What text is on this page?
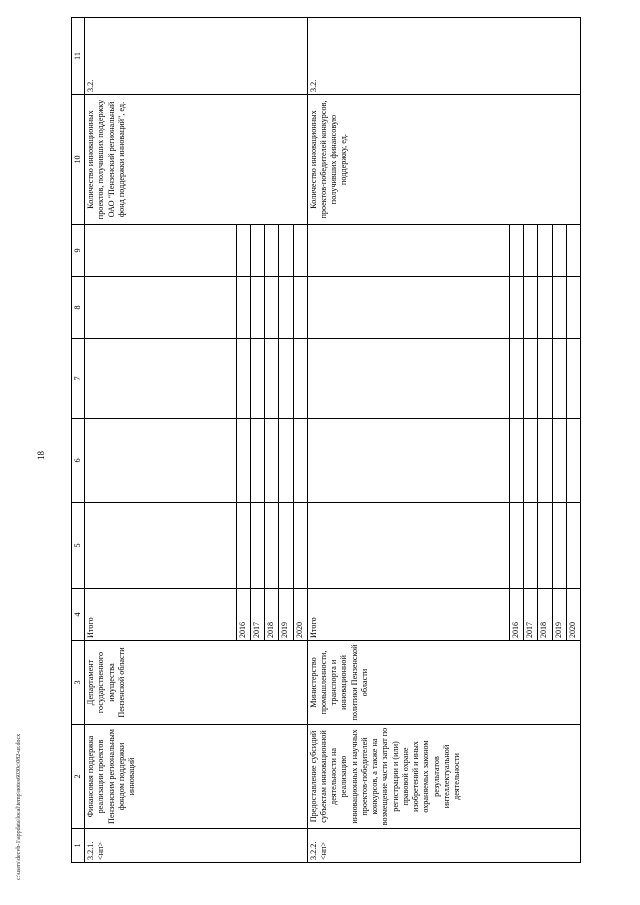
18
c:\users\decvb-1\appdata\local\temp\notes6030c\082-ur.docx	1	2	3	4	5	6	7	8	9	10	11

3.2.1. <нп>	Финансовая поддержка реализации проектов Пензенским региональным фондом поддержки инноваций	Департамент государственного имущества Пензенской области	Итого						Количество инновационных проектов, получивших поддержку ОАО "Пензенский региональный фонд поддержки инноваций", ед.	3.2.
			2016							
			2017							
			2018							
			2019							
			2020							

3.2.2. <нп>	Предоставление субсидий субъектам инновационной деятельности на реализацию инновационных и научных проектов-победителей конкурсов, а также на возмещение части затрат по регистрации и (или) правовой охране изобретений и иных охраняемых законом результатов интеллектуальной деятельности	Министерство промышленности, транспорта и инновационной политики Пензенской области	Итого						Количество инновационных проектов-победителей конкурсов, получивших финансовую поддержку, ед.	3.2.
			2016							
			2017							
			2018							
			2019							
			2020							
